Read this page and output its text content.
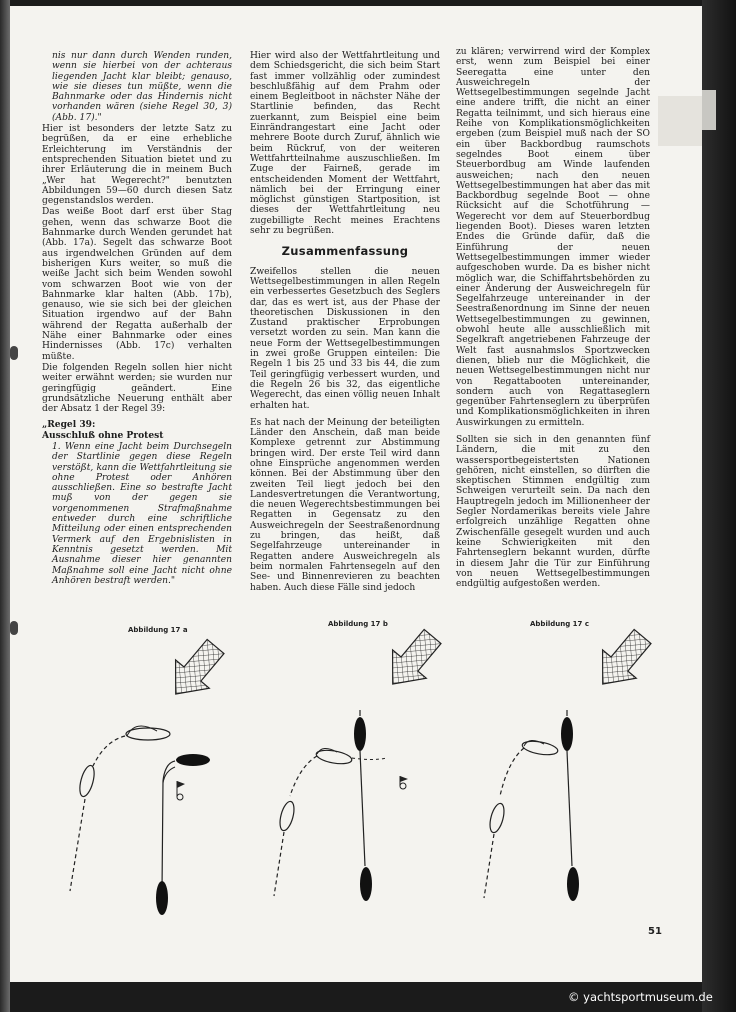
nis nur dann durch Wenden runden, wenn sie hierbei von der achteraus liegenden Jacht klar bleibt; genauso, wie sie dieses tun müßte, wenn die Bahnmarke oder das Hindernis nicht vorhanden wären (siehe Regel 30, 3) (Abb. 17)."

Hier ist besonders der letzte Satz zu begrüßen, da er eine erhebliche Erleichterung im Verständnis der entsprechenden Situation bietet und zu ihrer Erläuterung die in meinem Buch „Wer hat Wegerecht?" benutzten Abbildungen 59—60 durch diesen Satz gegenstandslos werden.

Das weiße Boot darf erst über Stag gehen, wenn das schwarze Boot die Bahnmarke durch Wenden gerundet hat (Abb. 17a). Segelt das schwarze Boot aus irgendwelchen Gründen auf dem bisherigen Kurs weiter, so muß die weiße Jacht sich beim Wenden sowohl vom schwarzen Boot wie von der Bahnmarke klar halten (Abb. 17b), genauso, wie sie sich bei der gleichen Situation irgendwo auf der Bahn während der Regatta außerhalb der Nähe einer Bahnmarke oder eines Hindernisses (Abb. 17c) verhalten müßte.

Die folgenden Regeln sollen hier nicht weiter erwähnt werden; sie wurden nur geringfügig geändert. Eine grundsätzliche Neuerung enthält aber der Absatz 1 der Regel 39:

„Regel 39:

Ausschluß ohne Protest

1. Wenn eine Jacht beim Durchsegeln der Startlinie gegen diese Regeln verstößt, kann die Wettfahrtleitung sie ohne Protest oder Anhören ausschließen. Eine so bestrafte Jacht muß von der gegen sie vorgenommenen Strafmaßnahme entweder durch eine schriftliche Mitteilung oder einen entsprechenden Vermerk auf den Ergebnislisten in Kenntnis gesetzt werden. Mit Ausnahme dieser hier genannten Maßnahme soll eine Jacht nicht ohne Anhören bestraft werden."

Hier wird also der Wettfahrtleitung und dem Schiedsgericht, die sich beim Start fast immer vollzählig oder zumindest beschlußfähig auf dem Prahm oder einem Begleitboot in nächster Nähe der Startlinie befinden, das Recht zuerkannt, zum Beispiel eine beim Einrändrangestart eine Jacht oder mehrere Boote durch Zuruf, ähnlich wie beim Rückruf, von der weiteren Wettfahrtteilnahme auszuschließen. Im Zuge der Fairneß, gerade im entscheidenden Moment der Wettfahrt, nämlich bei der Erringung einer möglichst günstigen Startposition, ist dieses der Wettfahrtleitung neu zugebilligte Recht meines Erachtens sehr zu begrüßen.

Zusammenfassung

Zweifellos stellen die neuen Wettsegelbestimmungen in allen Regeln ein verbessertes Gesetzbuch des Seglers dar, das es wert ist, aus der Phase der theoretischen Diskussionen in den Zustand praktischer Erprobungen versetzt worden zu sein. Man kann die neue Form der Wettsegelbestimmungen in zwei große Gruppen einteilen: Die Regeln 1 bis 25 und 33 bis 44, die zum Teil geringfügig verbessert wurden, und die Regeln 26 bis 32, das eigentliche Wegerecht, das einen völlig neuen Inhalt erhalten hat.

Es hat nach der Meinung der beteiligten Länder den Anschein, daß man beide Komplexe getrennt zur Abstimmung bringen wird. Der erste Teil wird dann ohne Einsprüche angenommen werden können. Bei der Abstimmung über den zweiten Teil liegt jedoch bei den Landesvertretungen die Verantwortung, die neuen Wegerechtsbestimmungen bei Regatten in Gegensatz zu den Ausweichregeln der Seestraßenordnung zu bringen, das heißt, daß Segelfahrzeuge untereinander in Regatten andere Ausweichregeln als beim normalen Fahrtensegeln auf den See- und Binnenrevieren zu beachten haben. Auch diese Fälle sind jedoch

zu klären; verwirrend wird der Komplex erst, wenn zum Beispiel bei einer Seeregatta eine unter den Ausweichregeln der Wettsegelbestimmungen segelnde Jacht eine andere trifft, die nicht an einer Regatta teilnimmt, und sich hieraus eine Reihe von Komplikationsmöglichkeiten ergeben (zum Beispiel muß nach der SO ein über Backbordbug raumschots segelndes Boot einem über Steuerbordbug am Winde laufenden ausweichen; nach den neuen Wettsegelbestimmungen hat aber das mit Backbordbug segelnde Boot — ohne Rücksicht auf die Schotführung — Wegerecht vor dem auf Steuerbordbug liegenden Boot). Dieses waren letzten Endes die Gründe dafür, daß die Einführung der neuen Wettsegelbestimmungen immer wieder aufgeschoben wurde. Da es bisher nicht möglich war, die Schiffahrtsbehörden zu einer Änderung der Ausweichregeln für Segelfahrzeuge untereinander in der Seestraßenordnung im Sinne der neuen Wettsegelbestimmungen zu gewinnen, obwohl heute alle ausschließlich mit Segelkraft angetriebenen Fahrzeuge der Welt fast ausnahmslos Sportzwecken dienen, blieb nur die Möglichkeit, die neuen Wettsegelbestimmungen nicht nur von Regattabooten untereinander, sondern auch von Regattaseglern gegenüber Fahrtenseglern zu überprüfen und Komplikationsmöglichkeiten in ihren Auswirkungen zu ermitteln.

Sollten sie sich in den genannten fünf Ländern, die mit zu den wassersportbegeistertsten Nationen gehören, nicht einstellen, so dürften die skeptischen Stimmen endgültig zum Schweigen verurteilt sein. Da nach den Hauptregeln jedoch im Millionenheer der Segler Nordamerikas bereits viele Jahre erfolgreich unzählige Regatten ohne Zwischenfälle gesegelt wurden und auch keine Schwierigkeiten mit den Fahrtenseglern bekannt wurden, dürfte in diesem Jahr die Tür zur Einführung von neuen Wettsegelbestimmungen endgültig aufgestoßen werden.

Abbildung 17 a
Abbildung 17 b	Abbildung 17 c
51
© yachtsportmuseum.de
